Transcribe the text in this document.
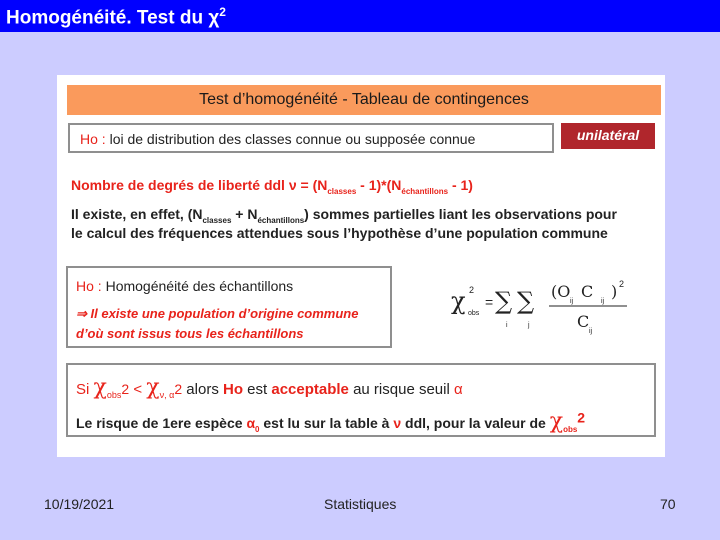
Homogénéité. Test du $\chi^2$
Test d’homogénéité - Tableau de contingences
Ho : loi de distribution des classes connue ou supposée connue	unilatéral
Nombre de degrés de liberté ddl $\nu = (N_{classes} - 1)*(N_{échantillons} - 1)$
Il existe, en effet, $(N_{classes} + N_{échantillons})$ sommes partielles liant les observations pour
le calcul des fréquences attendues sous l’hypothèse d’une population commune
Ho : Homogénéité des échantillons
⇒ Il existe une population d’origine commune
d’où sont issus tous les échantillons
χ 2
obs
= ∑
i
∑
j
(O
ij
C
ij
) 2
C
ij
Si $\chi_{obs}2 < \chi_{\nu, \alpha}2$ alors Ho est acceptable au risque seuil α
Le risque de 1ere espèce $\alpha_0$ est lu sur la table à ν ddl, pour la valeur de $\chi_{obs}^2$
10/19/2021	Statistiques	70
